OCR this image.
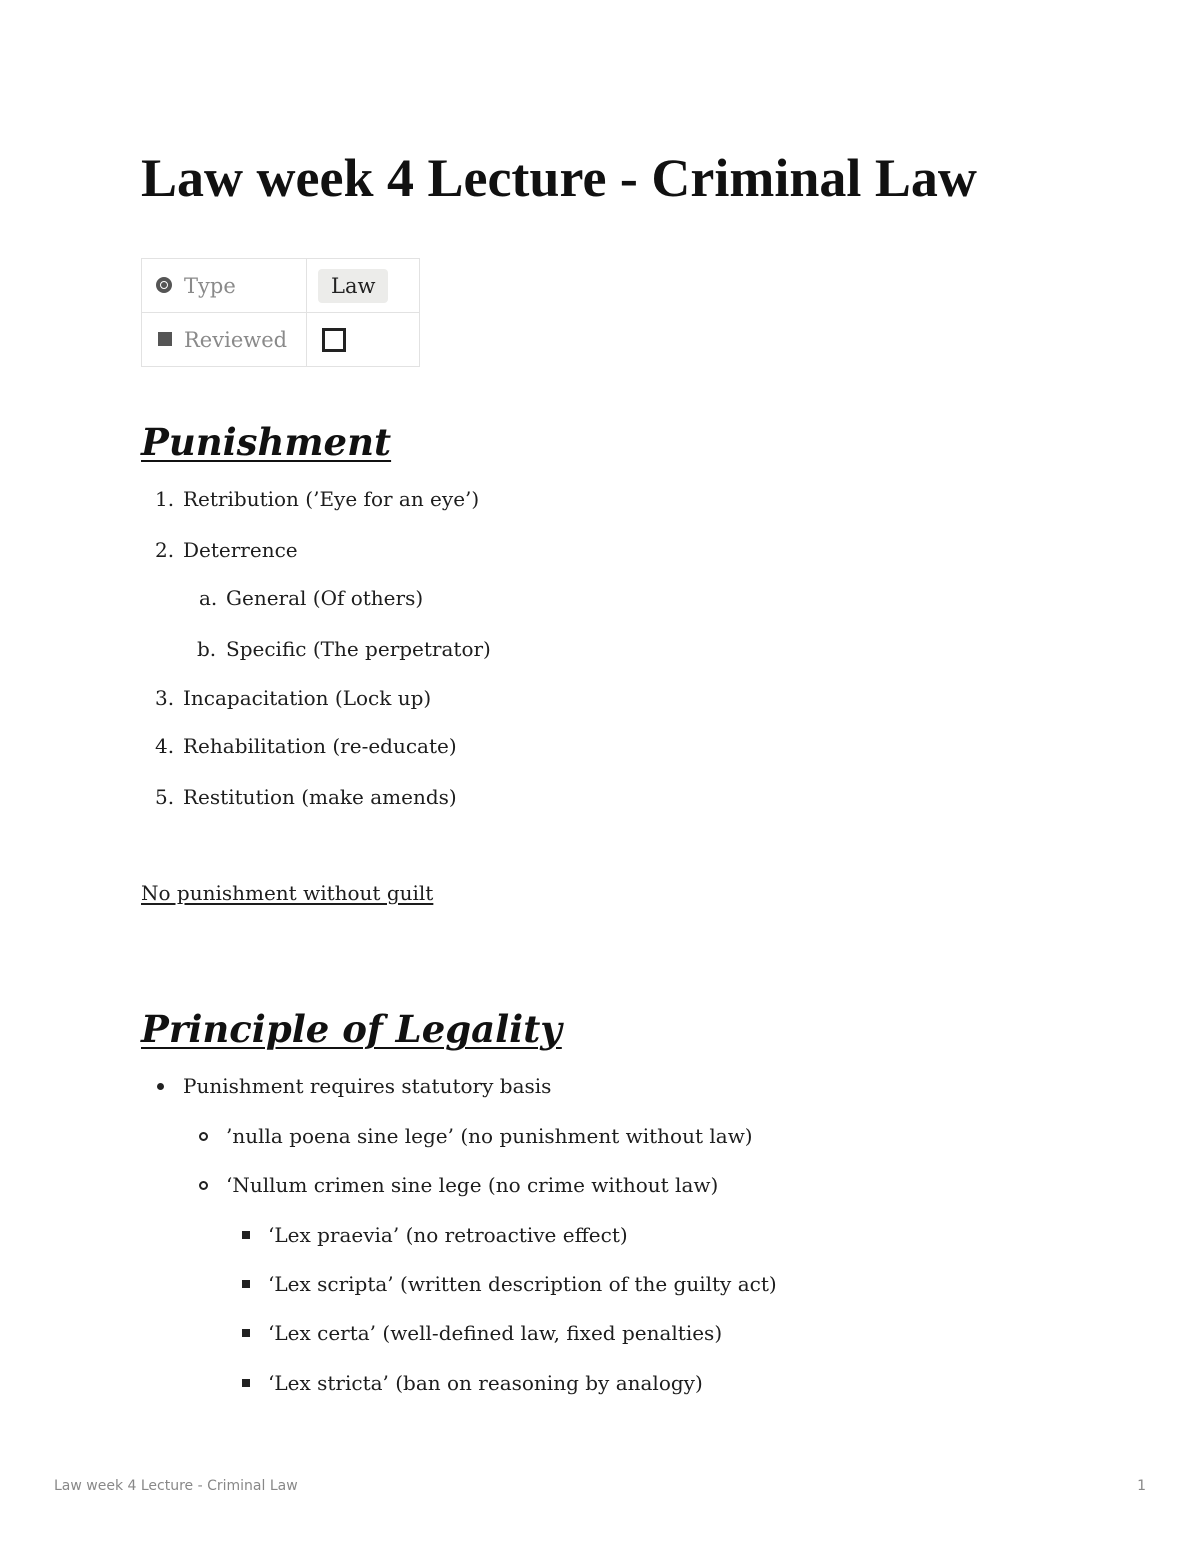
Law week 4 Lecture - Criminal Law
Type	Law
Reviewed	
Punishment
1. Retribution (’Eye for an eye’)
2. Deterrence
a. General (Of others)
b. Specific (The perpetrator)
3. Incapacitation (Lock up)
4. Rehabilitation (re-educate)
5. Restitution (make amends)
No punishment without guilt
Principle of Legality
Punishment requires statutory basis
’nulla poena sine lege’ (no punishment without law)
‘Nullum crimen sine lege (no crime without law)
‘Lex praevia’ (no retroactive effect)
‘Lex scripta’ (written description of the guilty act)
‘Lex certa’ (well-defined law, fixed penalties)
‘Lex stricta’ (ban on reasoning by analogy)
Law week 4 Lecture - Criminal Law	1
